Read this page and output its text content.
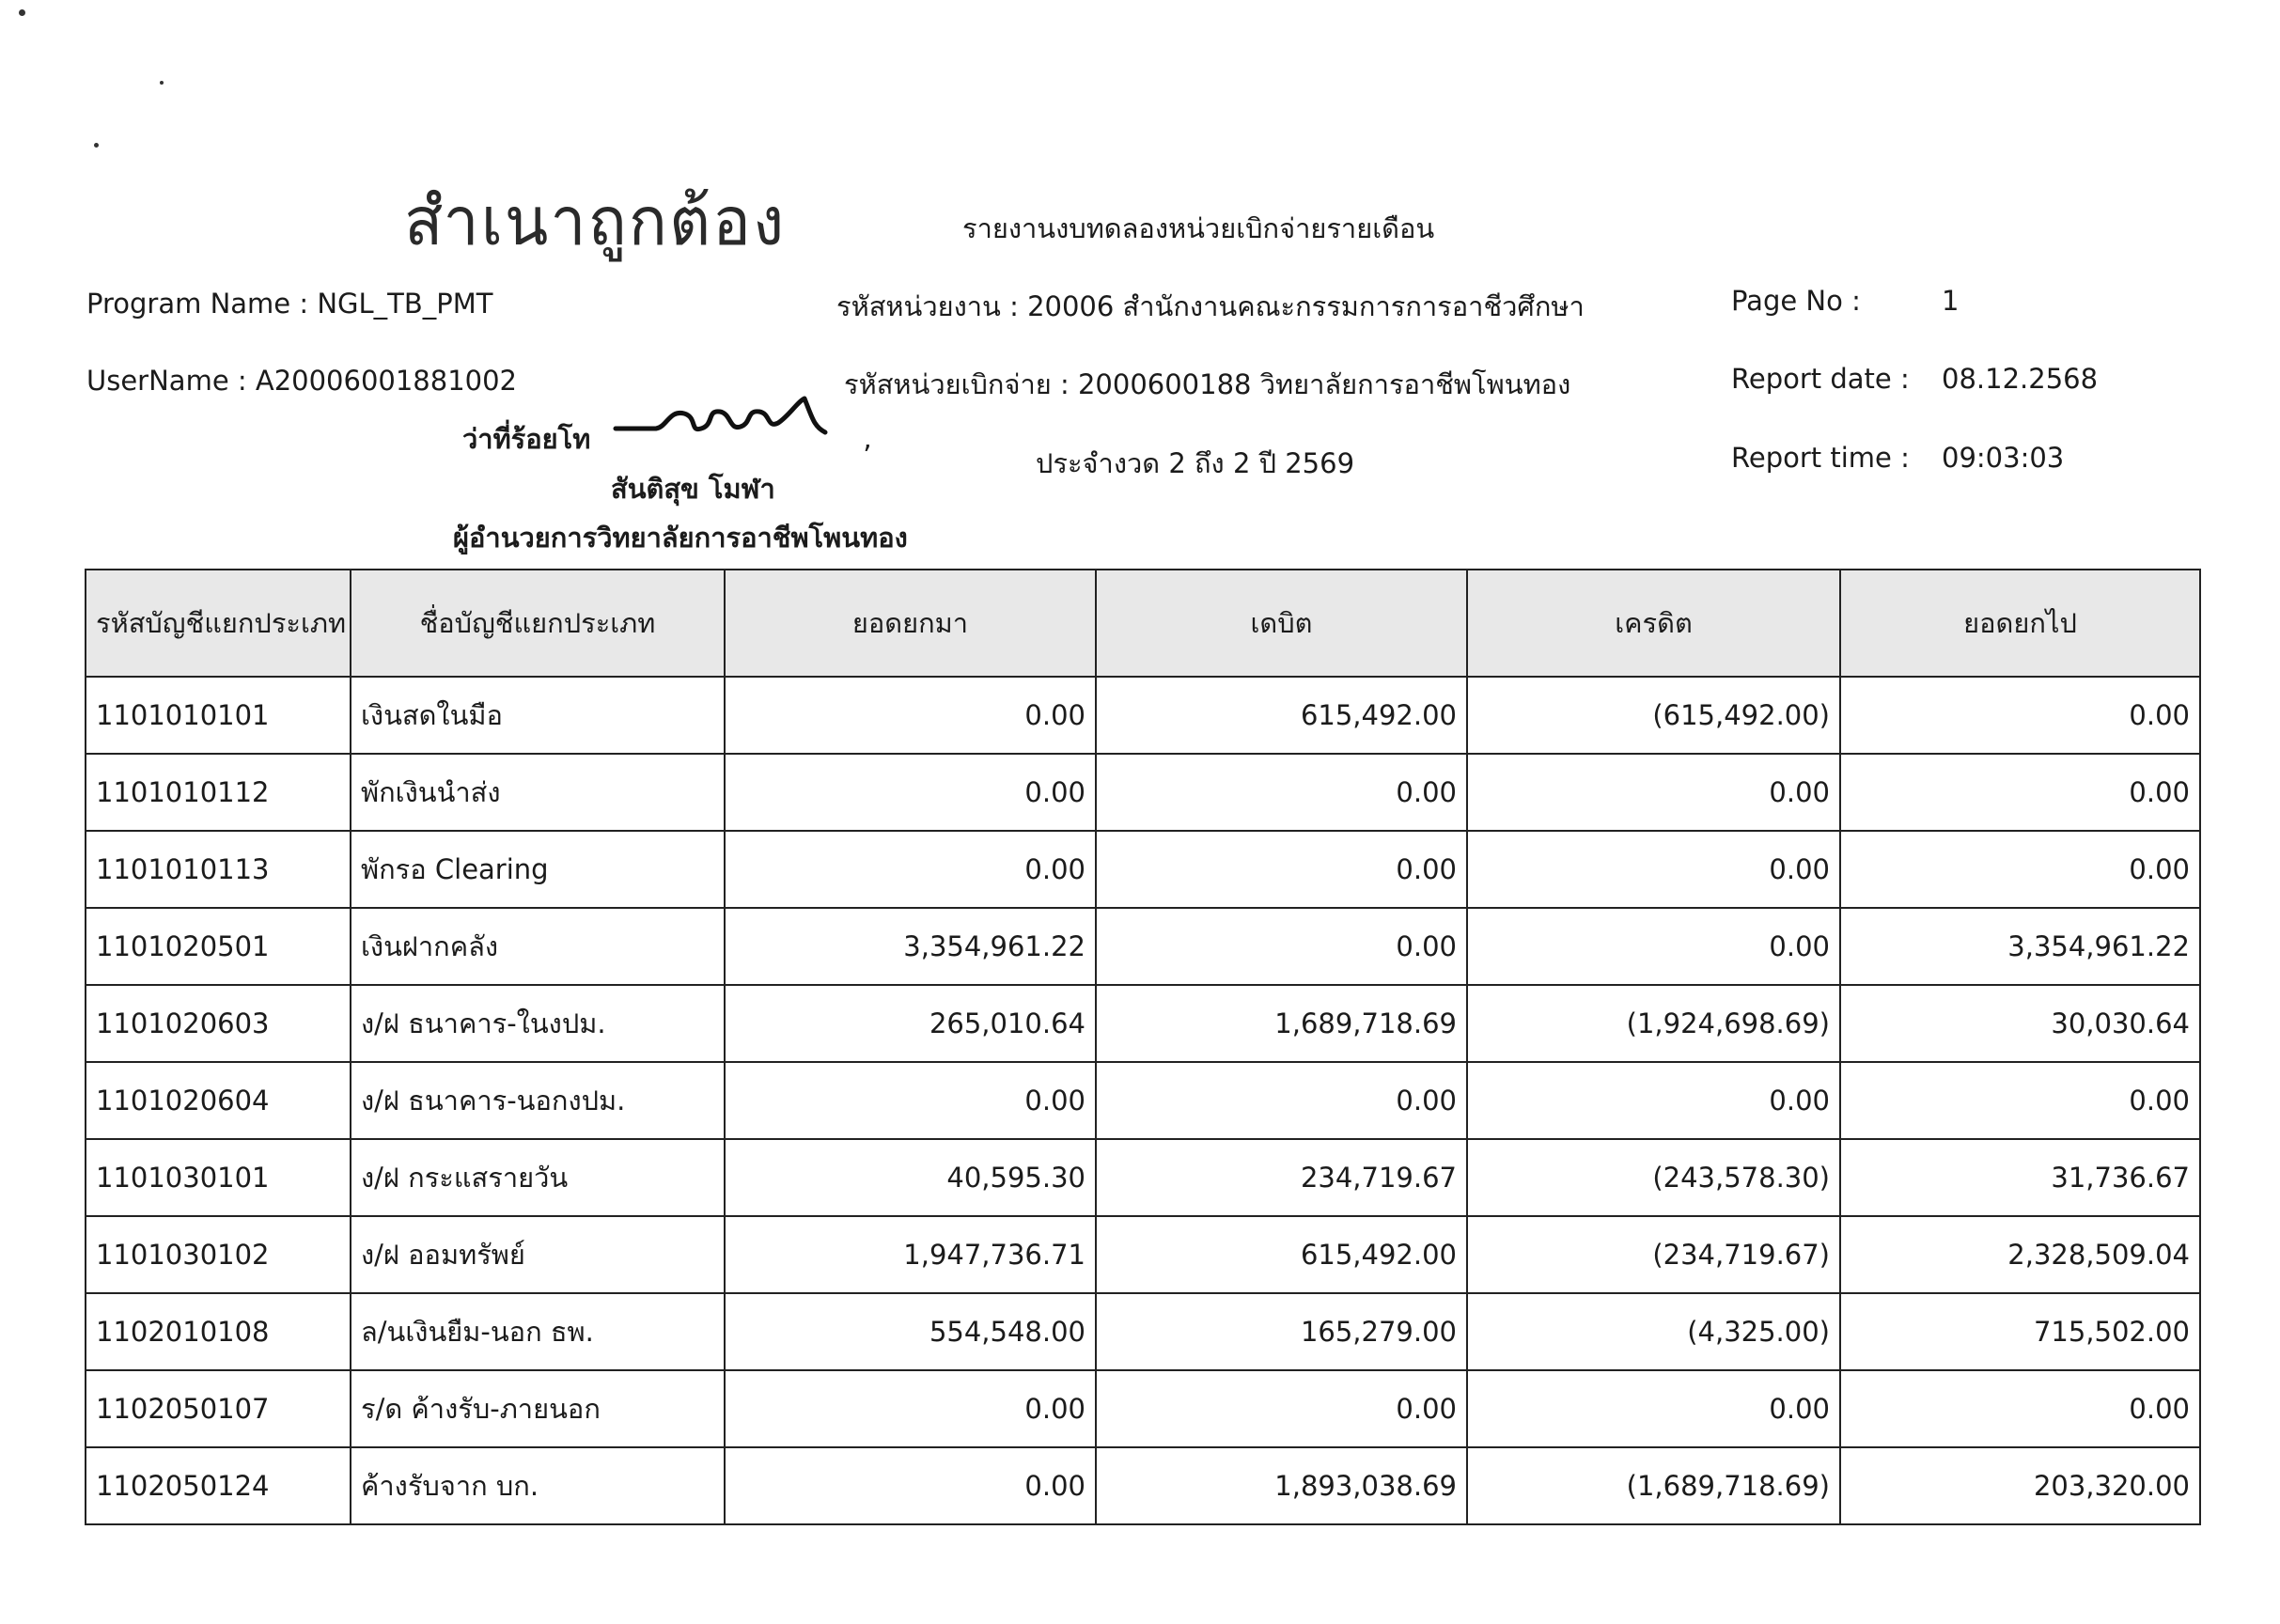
สำเนาถูกต้อง	รายงานงบทดลองหน่วยเบิกจ่ายรายเดือน
Program Name : NGL_TB_PMT
UserName : A20006001881002
รหัสหน่วยงาน : 20006 สำนักงานคณะกรรมการการอาชีวศึกษา
รหัสหน่วยเบิกจ่าย : 2000600188 วิทยาลัยการอาชีพโพนทอง
ประจำงวด 2 ถึง 2 ปี 2569
Page No :	1
Report date : 08.12.2568
Report time : 09:03:03
ว่าที่ร้อยโท
ʼ
สันติสุข โมฬา
ผู้อำนวยการวิทยาลัยการอาชีพโพนทอง
รหัสบัญชีแยกประเภท	ชื่อบัญชีแยกประเภท	ยอดยกมา	เดบิต	เครดิต	ยอดยกไป
1101010101	เงินสดในมือ	0.00	615,492.00	(615,492.00)	0.00
1101010112	พักเงินนำส่ง	0.00	0.00	0.00	0.00
1101010113	พักรอ Clearing	0.00	0.00	0.00	0.00
1101020501	เงินฝากคลัง	3,354,961.22	0.00	0.00	3,354,961.22
1101020603	ง/ฝ ธนาคาร-ในงปม.	265,010.64	1,689,718.69	(1,924,698.69)	30,030.64
1101020604	ง/ฝ ธนาคาร-นอกงปม.	0.00	0.00	0.00	0.00
1101030101	ง/ฝ กระแสรายวัน	40,595.30	234,719.67	(243,578.30)	31,736.67
1101030102	ง/ฝ ออมทรัพย์	1,947,736.71	615,492.00	(234,719.67)	2,328,509.04
1102010108	ล/นเงินยืม-นอก ธพ.	554,548.00	165,279.00	(4,325.00)	715,502.00
1102050107	ร/ด ค้างรับ-ภายนอก	0.00	0.00	0.00	0.00
1102050124	ค้างรับจาก บก.	0.00	1,893,038.69	(1,689,718.69)	203,320.00
